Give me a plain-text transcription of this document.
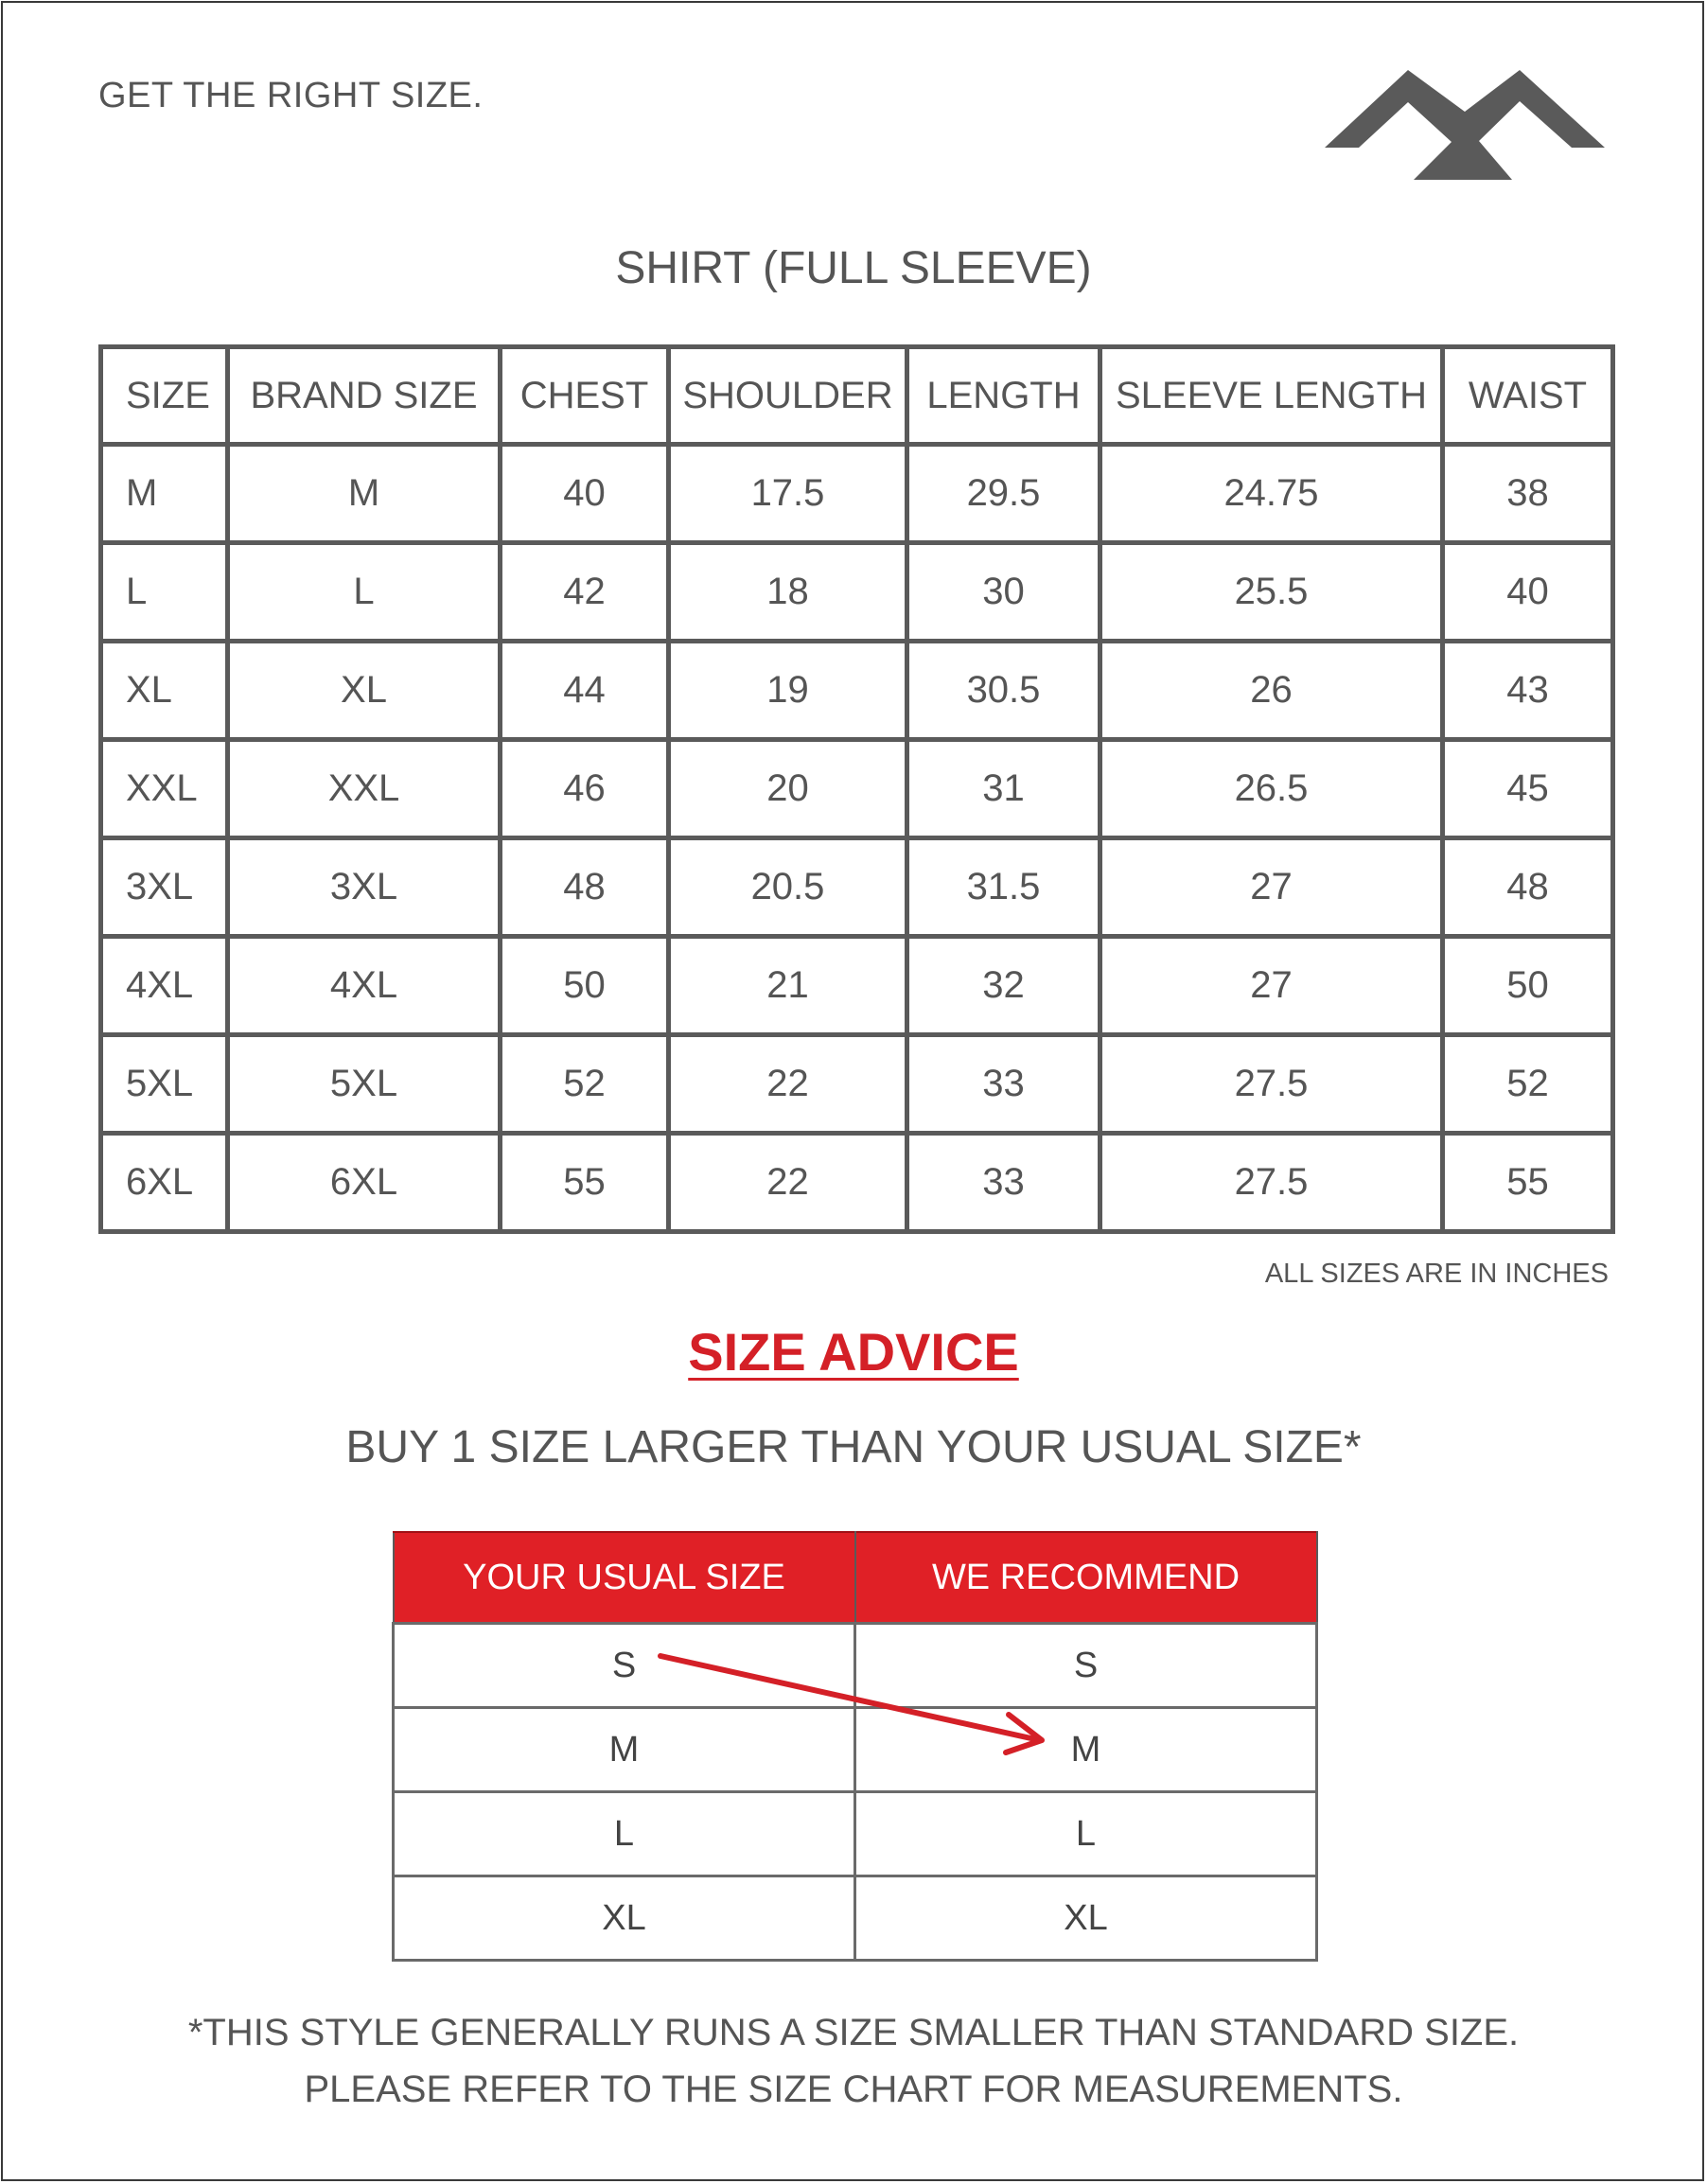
GET THE RIGHT SIZE.
SHIRT (FULL SLEEVE)
SIZE	BRAND SIZE	CHEST	SHOULDER	LENGTH	SLEEVE LENGTH	WAIST
M	M	40	17.5	29.5	24.75	38
L	L	42	18	30	25.5	40
XL	XL	44	19	30.5	26	43
XXL	XXL	46	20	31	26.5	45
3XL	3XL	48	20.5	31.5	27	48
4XL	4XL	50	21	32	27	50
5XL	5XL	52	22	33	27.5	52
6XL	6XL	55	22	33	27.5	55
ALL SIZES ARE IN INCHES
SIZE ADVICE
BUY 1 SIZE LARGER THAN YOUR USUAL SIZE*
YOUR USUAL SIZE	WE RECOMMEND
S	S
M	M
L	L
XL	XL
*THIS STYLE GENERALLY RUNS A SIZE SMALLER THAN STANDARD SIZE.
PLEASE REFER TO THE SIZE CHART FOR MEASUREMENTS.
